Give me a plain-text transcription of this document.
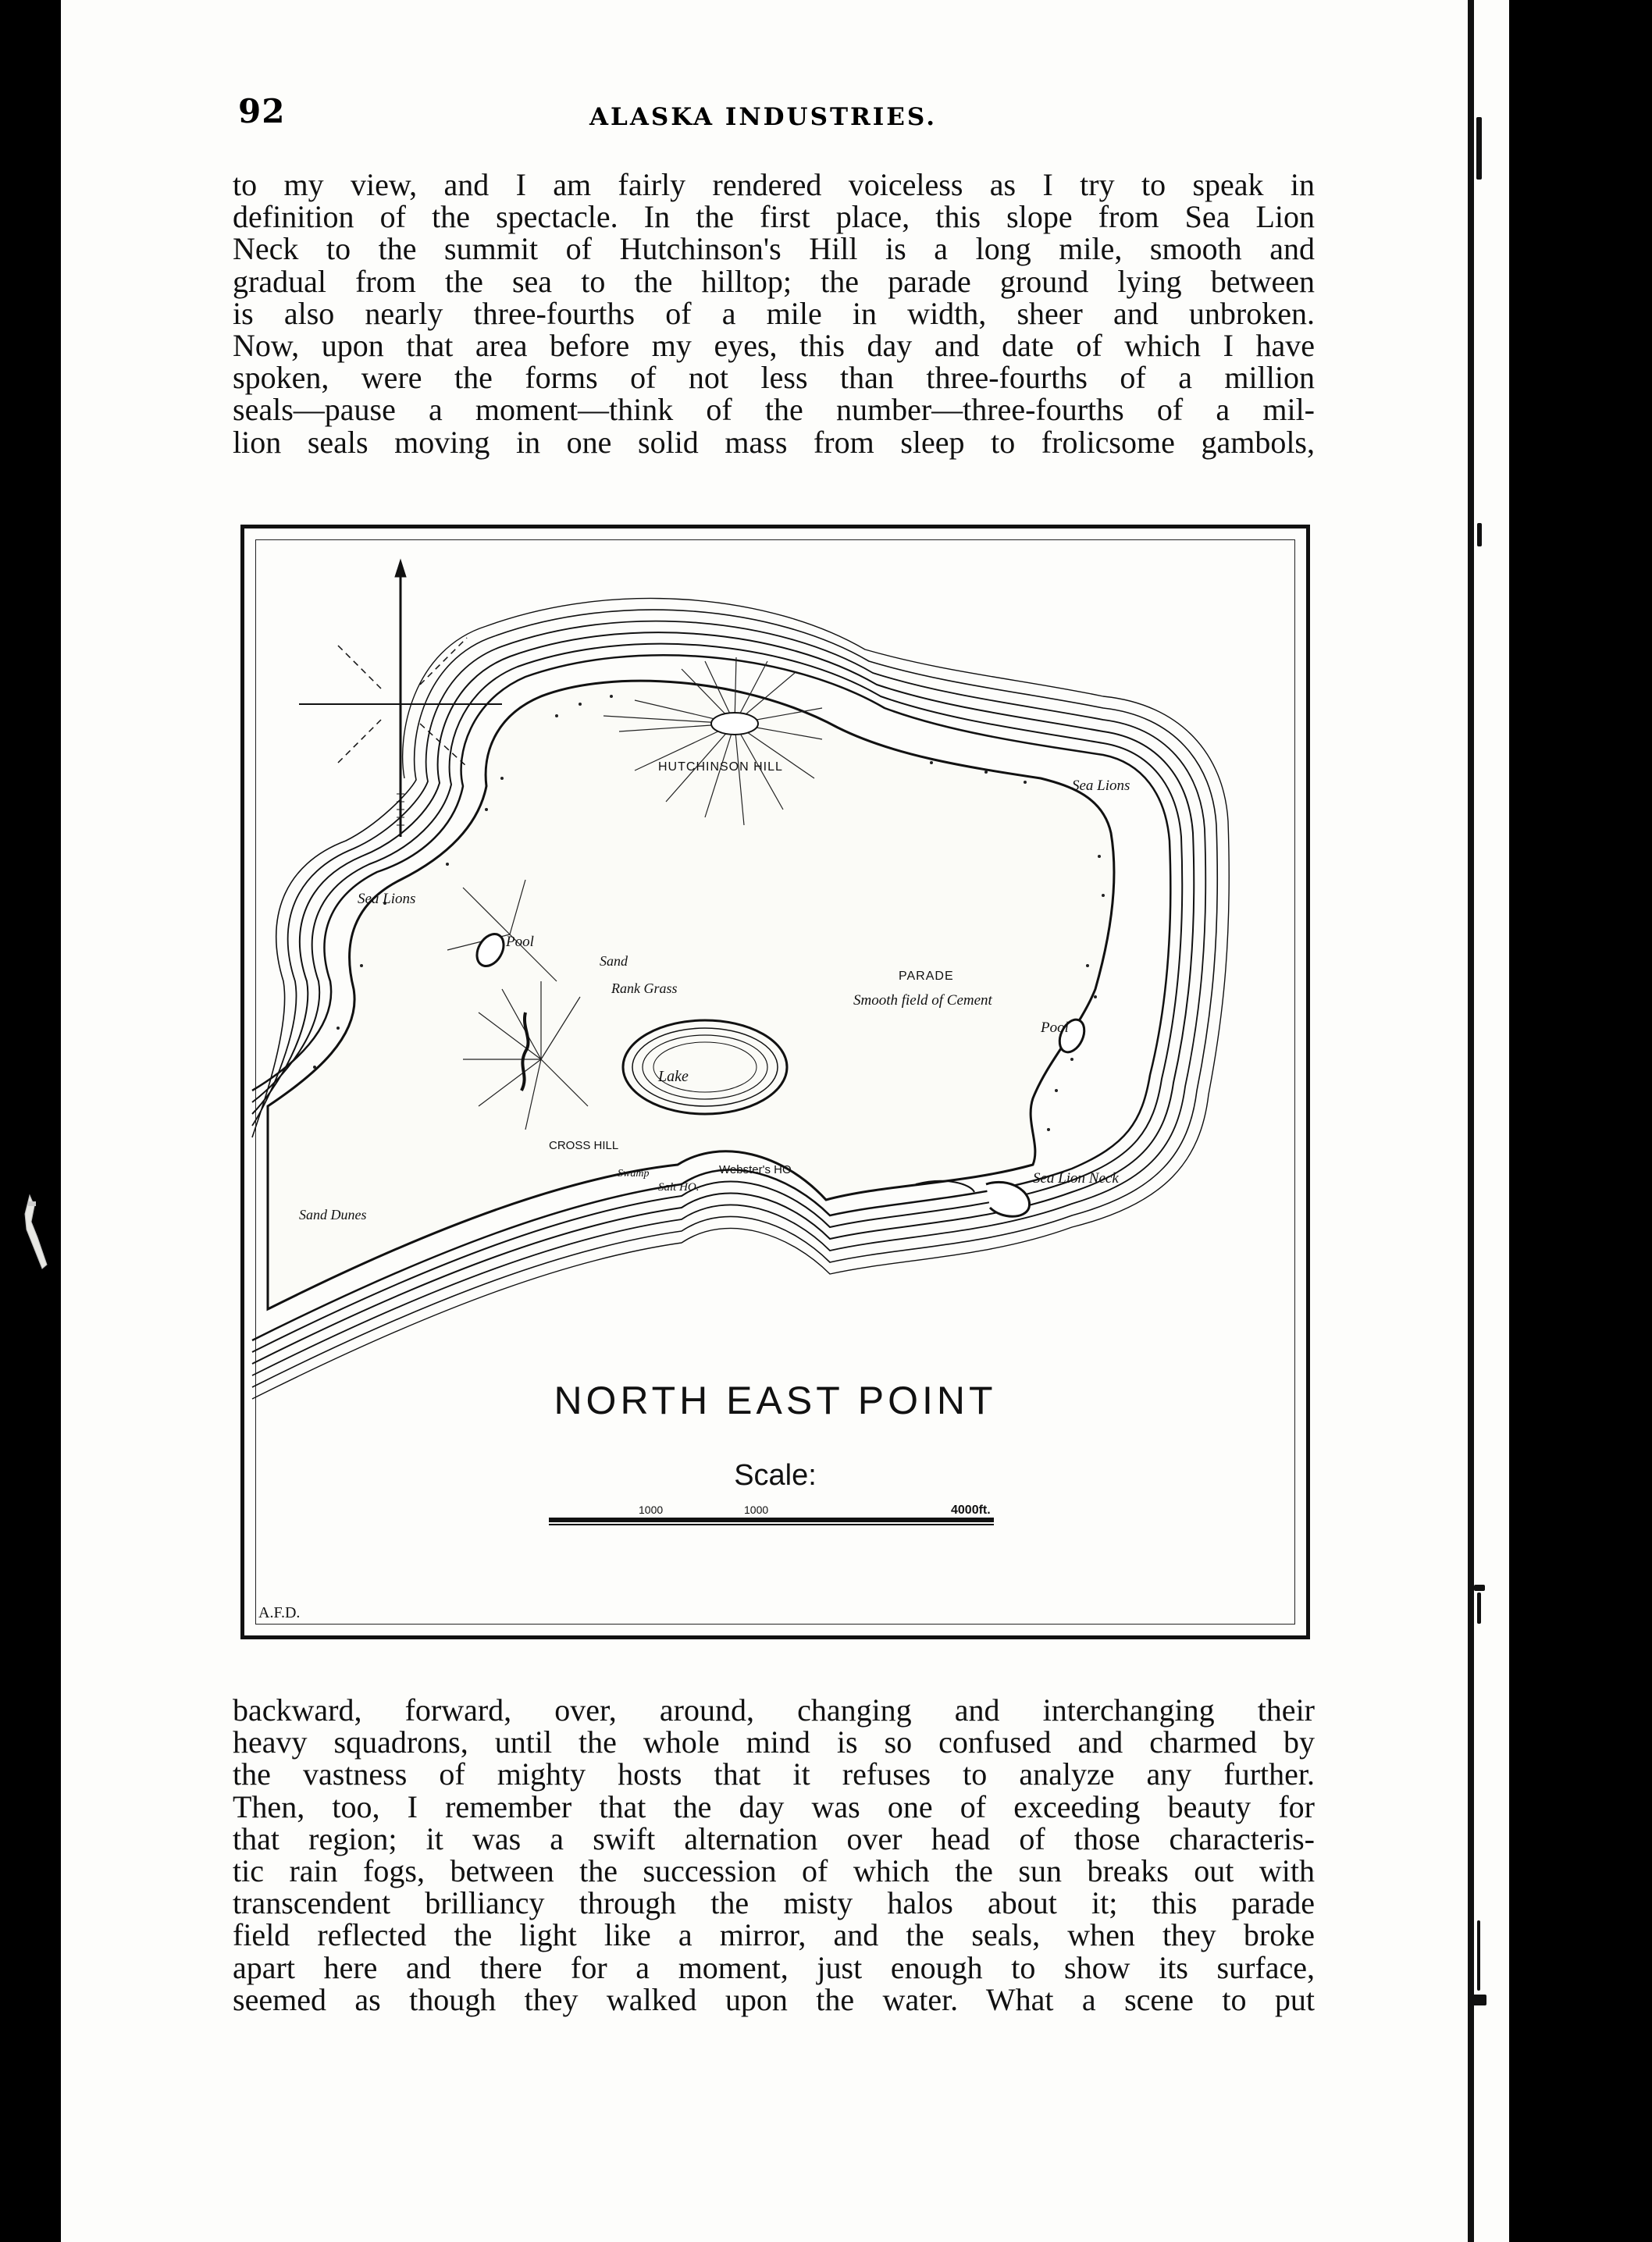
92	ALASKA INDUSTRIES.
to my view, and I am fairly rendered voiceless as I try to speak in
definition of the spectacle. In the first place, this slope from Sea Lion
Neck to the summit of Hutchinson's Hill is a long mile, smooth and
gradual from the sea to the hilltop; the parade ground lying between
is also nearly three-fourths of a mile in width, sheer and unbroken.
Now, upon that area before my eyes, this day and date of which I have
spoken, were the forms of not less than three-fourths of a million
seals—pause a moment—think of the number—three-fourths of a mil-
lion seals moving in one solid mass from sleep to frolicsome gambols,
HUTCHINSON HILL
Sea Lions
Sea Lions
Pool
Sand
Rank Grass
PARADE
Smooth field of Cement
Pool
Lake
CROSS HILL
Webster's HO.
Salt HO.
Swamp
Sand Dunes
Sea Lion Neck
1000	1000	4000ft.
NORTH EAST POINT
Scale:
A.F.D.
backward, forward, over, around, changing and interchanging their
heavy squadrons, until the whole mind is so confused and charmed by
the vastness of mighty hosts that it refuses to analyze any further.
Then, too, I remember that the day was one of exceeding beauty for
that region; it was a swift alternation over head of those characteris-
tic rain fogs, between the succession of which the sun breaks out with
transcendent brilliancy through the misty halos about it; this parade
field reflected the light like a mirror, and the seals, when they broke
apart here and there for a moment, just enough to show its surface,
seemed as though they walked upon the water. What a scene to put
